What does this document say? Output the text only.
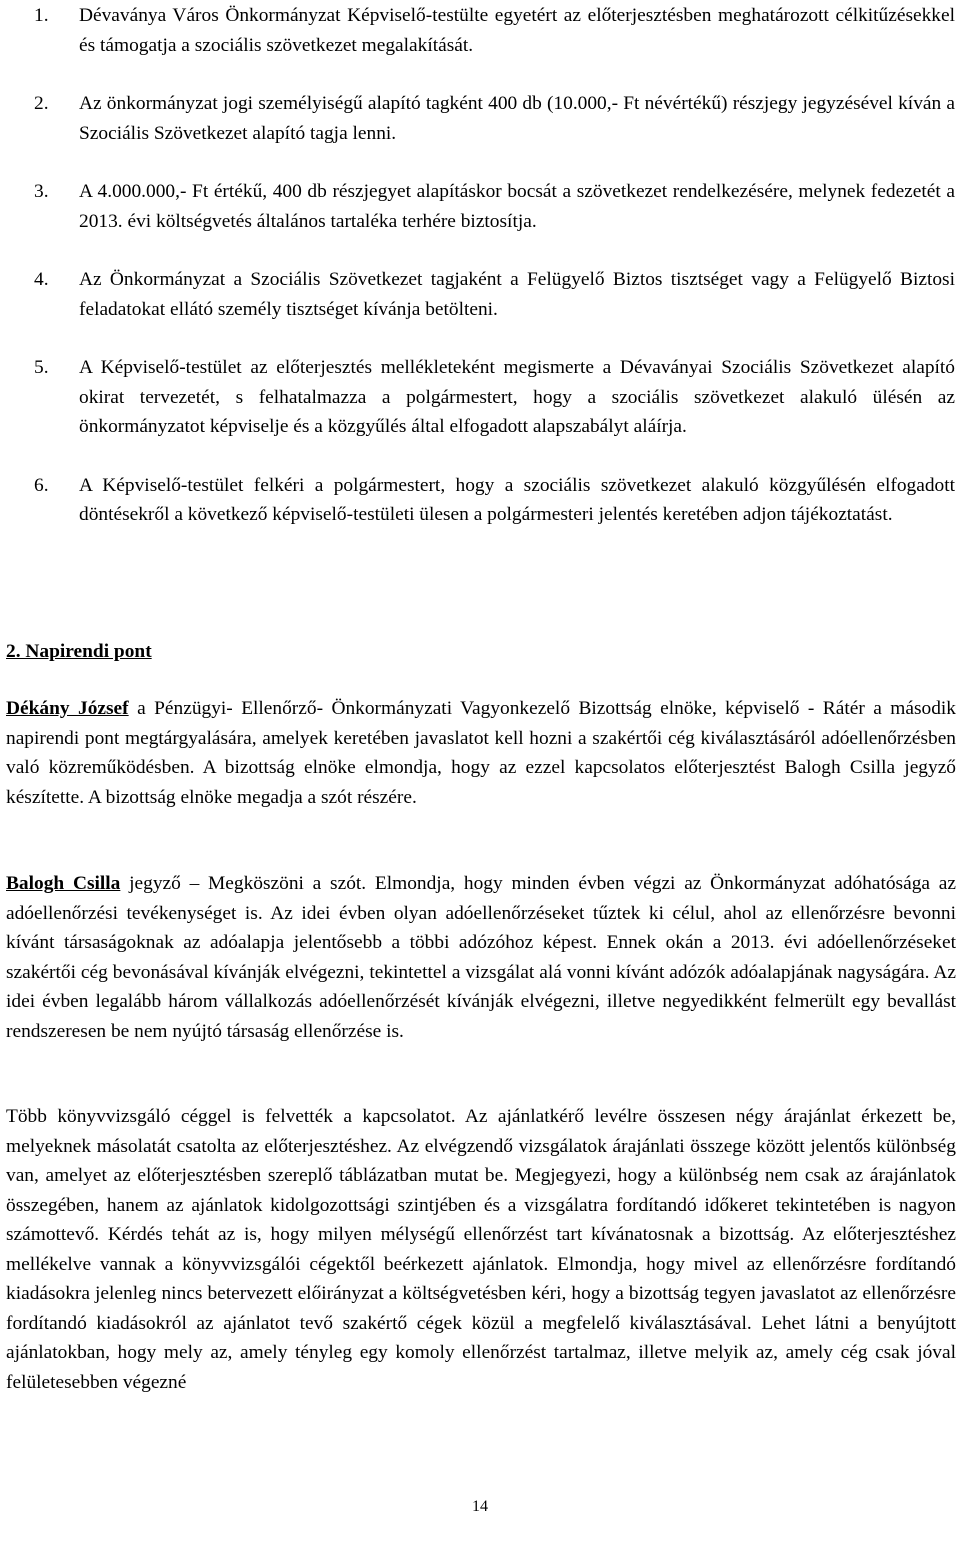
1.	Dévaványa Város Önkormányzat Képviselő-testülte egyetért az előterjesztésben meghatározott célkitűzésekkel és támogatja a szociális szövetkezet megalakítását.
2.	Az önkormányzat jogi személyiségű alapító tagként 400 db (10.000,- Ft névértékű) részjegy jegyzésével kíván a Szociális Szövetkezet alapító tagja lenni.
3.	A 4.000.000,- Ft értékű, 400 db részjegyet alapításkor bocsát a szövetkezet rendelkezésére, melynek fedezetét a 2013. évi költségvetés általános tartaléka terhére biztosítja.
4.	Az Önkormányzat a Szociális Szövetkezet tagjaként a Felügyelő Biztos tisztséget vagy a Felügyelő Biztosi feladatokat ellátó személy tisztséget kívánja betölteni.
5.	A Képviselő-testület az előterjesztés mellékleteként megismerte a Dévaványai Szociális Szövetkezet alapító okirat tervezetét, s felhatalmazza a polgármestert, hogy a szociális szövetkezet alakuló ülésén az önkormányzatot képviselje és a közgyűlés által elfogadott alapszabályt aláírja.
6.	A Képviselő-testület felkéri a polgármestert, hogy a szociális szövetkezet alakuló közgyűlésén elfogadott döntésekről a következő képviselő-testületi ülesen a polgármesteri jelentés keretében adjon tájékoztatást.
2. Napirendi pont

Dékány József a Pénzügyi- Ellenőrző- Önkormányzati Vagyonkezelő Bizottság elnöke, képviselő - Rátér a második napirendi pont megtárgyalására, amelyek keretében javaslatot kell hozni a szakértői cég kiválasztásáról adóellenőrzésben való közreműködésben. A bizottság elnöke elmondja, hogy az ezzel kapcsolatos előterjesztést Balogh Csilla jegyző készítette. A bizottság elnöke megadja a szót részére.

Balogh Csilla jegyző – Megköszöni a szót. Elmondja, hogy minden évben végzi az Önkormányzat adóhatósága az adóellenőrzési tevékenységet is. Az idei évben olyan adóellenőrzéseket tűztek ki célul, ahol az ellenőrzésre bevonni kívánt társaságoknak az adóalapja jelentősebb a többi adózóhoz képest. Ennek okán a 2013. évi adóellenőrzéseket szakértői cég bevonásával kívánják elvégezni, tekintettel a vizsgálat alá vonni kívánt adózók adóalapjának nagyságára. Az idei évben legalább három vállalkozás adóellenőrzését kívánják elvégezni, illetve negyedikként felmerült egy bevallást rendszeresen be nem nyújtó társaság ellenőrzése is.

Több könyvvizsgáló céggel is felvették a kapcsolatot. Az ajánlatkérő levélre összesen négy árajánlat érkezett be, melyeknek másolatát csatolta az előterjesztéshez. Az elvégzendő vizsgálatok árajánlati összege között jelentős különbség van, amelyet az előterjesztésben szereplő táblázatban mutat be. Megjegyezi, hogy a különbség nem csak az árajánlatok összegében, hanem az ajánlatok kidolgozottsági szintjében és a vizsgálatra fordítandó időkeret tekintetében is nagyon számottevő. Kérdés tehát az is, hogy milyen mélységű ellenőrzést tart kívánatosnak a bizottság. Az előterjesztéshez mellékelve vannak a könyvvizsgálói cégektől beérkezett ajánlatok. Elmondja, hogy mivel az ellenőrzésre fordítandó kiadásokra jelenleg nincs betervezett előirányzat a költségvetésben kéri, hogy a bizottság tegyen javaslatot az ellenőrzésre fordítandó kiadásokról az ajánlatot tevő szakértő cégek közül a megfelelő kiválasztásával. Lehet látni a benyújtott ajánlatokban, hogy mely az, amely tényleg egy komoly ellenőrzést tartalmaz, illetve melyik az, amely cég csak jóval felületesebben végezné

14
